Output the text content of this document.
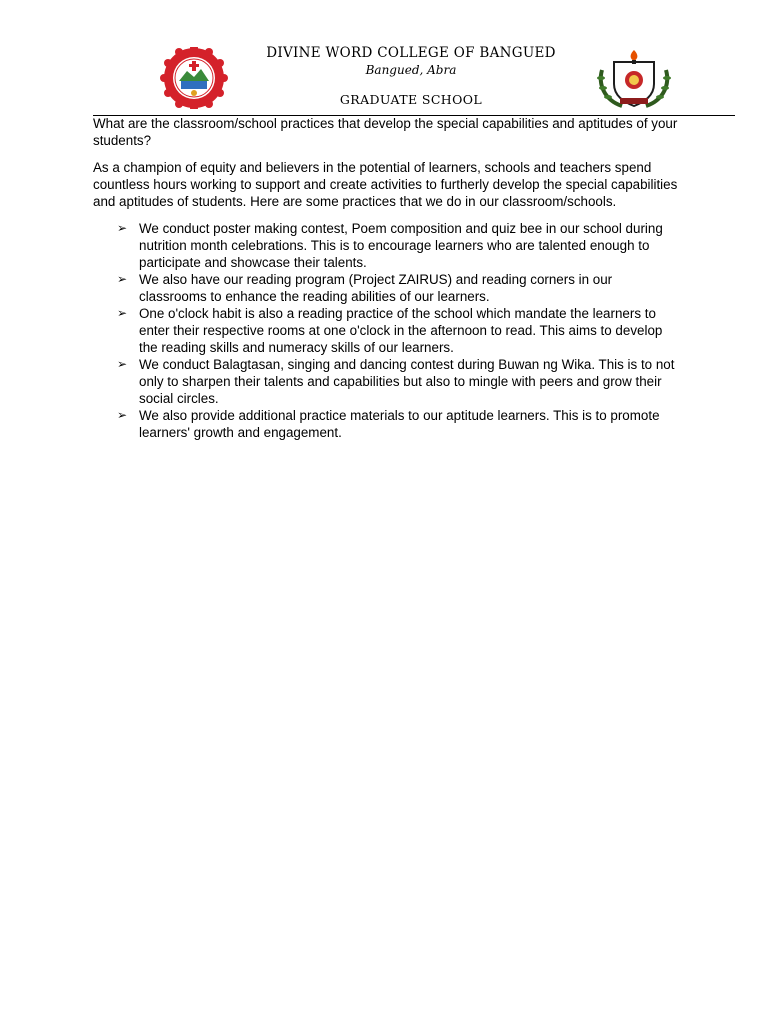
DIVINE WORD COLLEGE OF BANGUED
Bangued, Abra
GRADUATE SCHOOL

What are the classroom/school practices that develop the special capabilities and aptitudes of your students?

As a champion of equity and believers in the potential of learners, schools and teachers spend countless hours working to support and create activities to furtherly develop the special capabilities and aptitudes of students. Here are some practices that we do in our classroom/schools.

➢ We conduct poster making contest, Poem composition and quiz bee in our school during nutrition month celebrations. This is to encourage learners who are talented enough to participate and showcase their talents.
➢ We also have our reading program (Project ZAIRUS) and reading corners in our classrooms to enhance the reading abilities of our learners.
➢ One o'clock habit is also a reading practice of the school which mandate the learners to enter their respective rooms at one o'clock in the afternoon to read. This aims to develop the reading skills and numeracy skills of our learners.
➢ We conduct Balagtasan, singing and dancing contest during Buwan ng Wika. This is to not only to sharpen their talents and capabilities but also to mingle with peers and grow their social circles.
➢ We also provide additional practice materials to our aptitude learners. This is to promote learners' growth and engagement.
